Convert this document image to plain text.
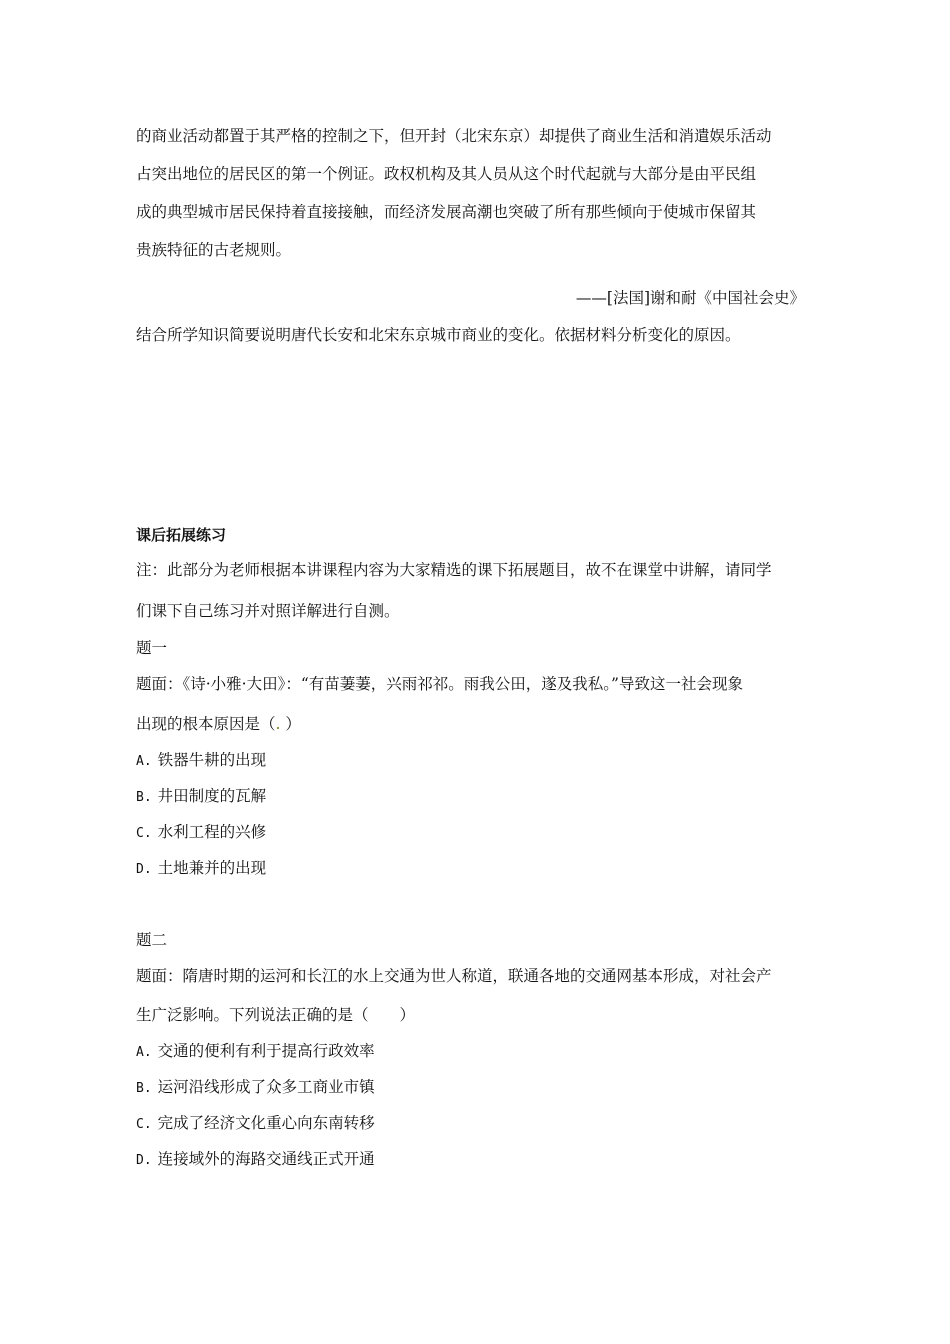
的商业活动都置于其严格的控制之下，但开封（北宋东京）却提供了商业生活和消遣娱乐活动
占突出地位的居民区的第一个例证。政权机构及其人员从这个时代起就与大部分是由平民组
成的典型城市居民保持着直接接触，而经济发展高潮也突破了所有那些倾向于使城市保留其
贵族特征的古老规则。
——[法国]谢和耐《中国社会史》
结合所学知识简要说明唐代长安和北宋东京城市商业的变化。依据材料分析变化的原因。
课后拓展练习
注：此部分为老师根据本讲课程内容为大家精选的课下拓展题目，故不在课堂中讲解，请同学
们课下自己练习并对照详解进行自测。
题一
题面：《诗·小雅·大田》：“有苗萋萋，兴雨祁祁。雨我公田，遂及我私。”导致这一社会现象
出现的根本原因是（. ）
A. 铁器牛耕的出现
B. 井田制度的瓦解
C. 水利工程的兴修
D. 土地兼并的出现
题二
题面：隋唐时期的运河和长江的水上交通为世人称道，联通各地的交通网基本形成，对社会产
生广泛影响。下列说法正确的是（　　）
A. 交通的便利有利于提高行政效率
B. 运河沿线形成了众多工商业市镇
C. 完成了经济文化重心向东南转移
D. 连接域外的海路交通线正式开通
